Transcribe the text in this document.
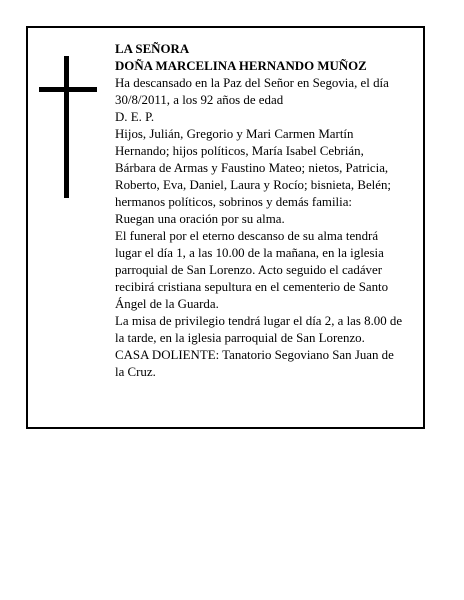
LA SEÑORA
DOÑA MARCELINA HERNANDO MUÑOZ
Ha descansado en la Paz del Señor en Segovia, el día
30/8/2011, a los 92 años de edad
D. E. P.
Hijos, Julián, Gregorio y Mari Carmen Martín
Hernando; hijos políticos, María Isabel Cebrián,
Bárbara de Armas y Faustino Mateo; nietos, Patricia,
Roberto, Eva, Daniel, Laura y Rocío; bisnieta, Belén;
hermanos políticos, sobrinos y demás familia:
Ruegan una oración por su alma.
El funeral por el eterno descanso de su alma tendrá
lugar el día 1, a las 10.00 de la mañana, en la iglesia
parroquial de San Lorenzo. Acto seguido el cadáver
recibirá cristiana sepultura en el cementerio de Santo
Ángel de la Guarda.
La misa de privilegio tendrá lugar el día 2, a las 8.00 de
la tarde, en la iglesia parroquial de San Lorenzo.
CASA DOLIENTE: Tanatorio Segoviano San Juan de
la Cruz.
